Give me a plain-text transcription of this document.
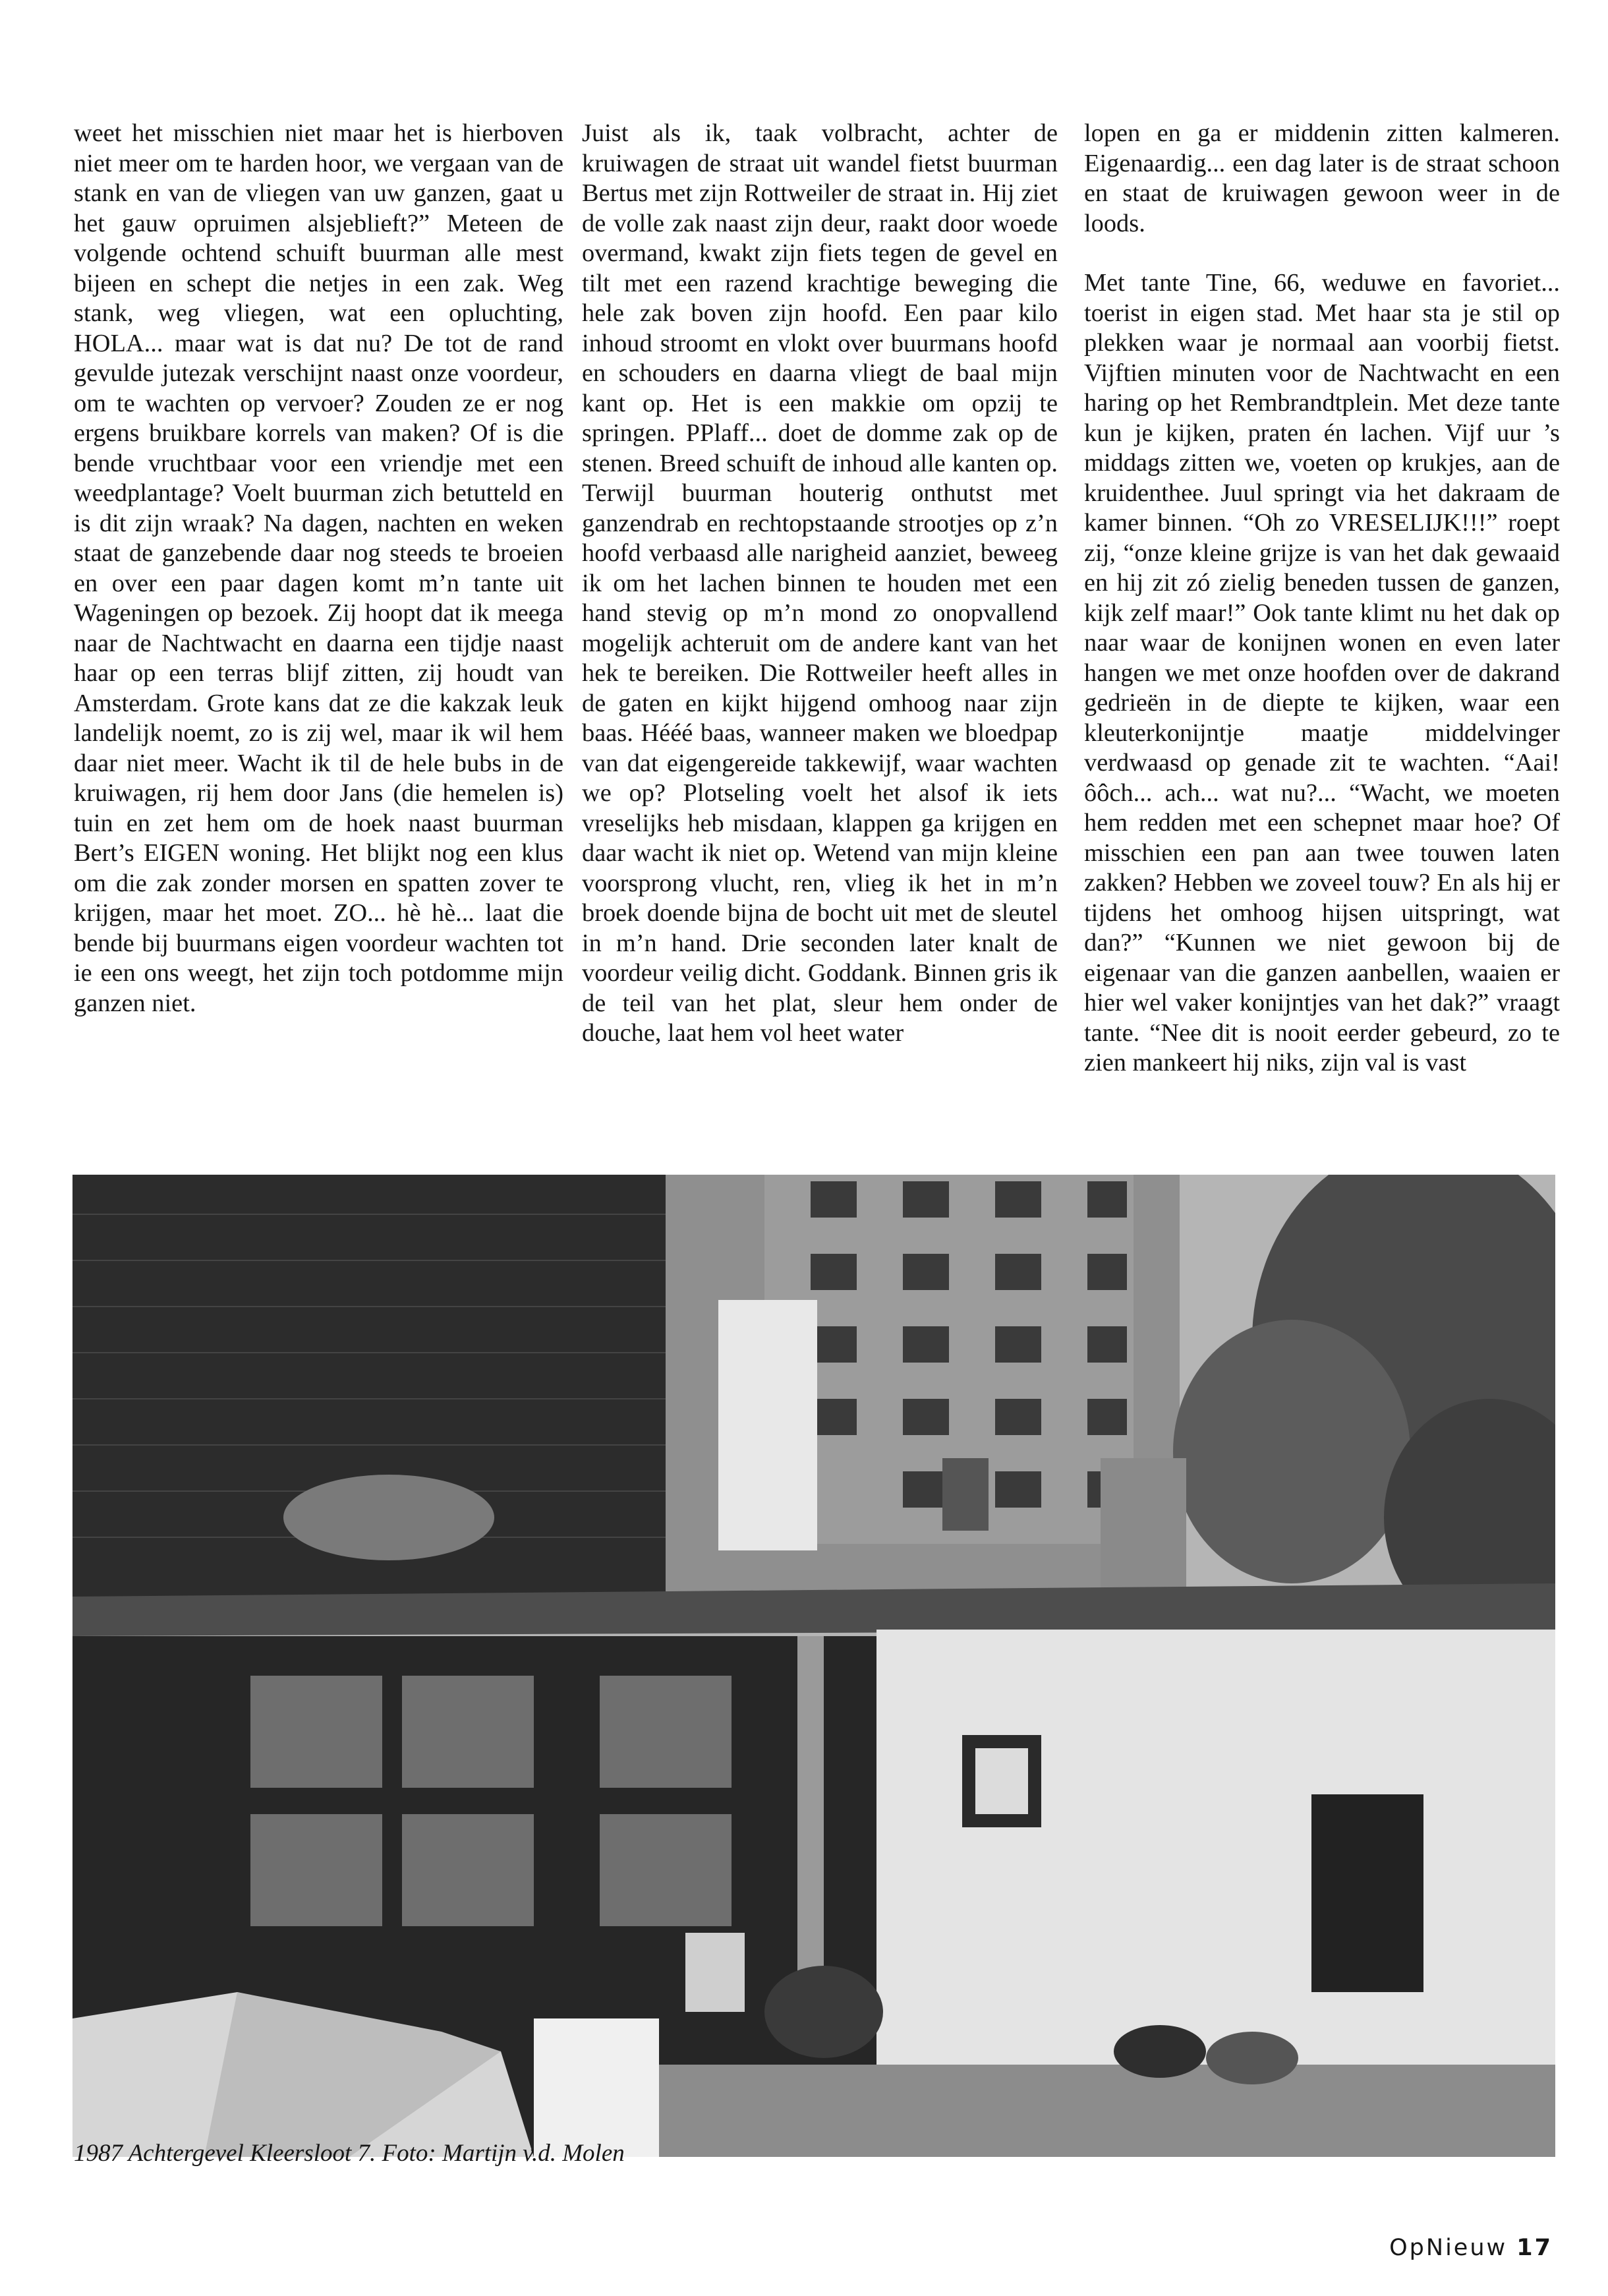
weet het misschien niet maar het is hierboven niet meer om te harden hoor, we vergaan van de stank en van de vliegen van uw ganzen, gaat u het gauw opruimen alsjeblieft?” Meteen de volgende ochtend schuift buurman alle mest bijeen en schept die netjes in een zak. Weg stank, weg vliegen, wat een opluchting, HOLA... maar wat is dat nu? De tot de rand gevulde jutezak verschijnt naast onze voordeur, om te wachten op vervoer? Zouden ze er nog ergens bruikbare korrels van maken? Of is die bende vruchtbaar voor een vriendje met een weedplantage? Voelt buurman zich betutteld en is dit zijn wraak? Na dagen, nachten en weken staat de ganzebende daar nog steeds te broeien en over een paar dagen komt m’n tante uit Wageningen op bezoek. Zij hoopt dat ik meega naar de Nachtwacht en daarna een tijdje naast haar op een terras blijf zitten, zij houdt van Amsterdam. Grote kans dat ze die kakzak leuk landelijk noemt, zo is zij wel, maar ik wil hem daar niet meer. Wacht ik til de hele bubs in de kruiwagen, rij hem door Jans (die hemelen is) tuin en zet hem om de hoek naast buurman Bert’s EIGEN woning. Het blijkt nog een klus om die zak zonder morsen en spatten zover te krijgen, maar het moet. ZO... hè hè... laat die bende bij buurmans eigen voordeur wachten tot ie een ons weegt, het zijn toch potdomme mijn ganzen niet.

Juist als ik, taak volbracht, achter de kruiwagen de straat uit wandel fietst buurman Bertus met zijn Rottweiler de straat in. Hij ziet de volle zak naast zijn deur, raakt door woede overmand, kwakt zijn fiets tegen de gevel en tilt met een razend krachtige beweging die hele zak boven zijn hoofd. Een paar kilo inhoud stroomt en vlokt over buurmans hoofd en schouders en daarna vliegt de baal mijn kant op. Het is een makkie om opzij te springen. PPlaff... doet de domme zak op de stenen. Breed schuift de inhoud alle kanten op. Terwijl buurman houterig onthutst met ganzendrab en rechtopstaande strootjes op z’n hoofd verbaasd alle narigheid aanziet, beweeg ik om het lachen binnen te houden met een hand stevig op m’n mond zo onopvallend mogelijk achteruit om de andere kant van het hek te bereiken. Die Rottweiler heeft alles in de gaten en kijkt hijgend omhoog naar zijn baas. Hééé baas, wanneer maken we bloedpap van dat eigengereide takkewijf, waar wachten we op? Plotseling voelt het alsof ik iets vreselijks heb misdaan, klappen ga krijgen en daar wacht ik niet op. Wetend van mijn kleine voorsprong vlucht, ren, vlieg ik het in m’n broek doende bijna de bocht uit met de sleutel in m’n hand. Drie seconden later knalt de voordeur veilig dicht. Goddank. Binnen gris ik de teil van het plat, sleur hem onder de douche, laat hem vol heet water

lopen en ga er middenin zitten kalmeren. Eigenaardig... een dag later is de straat schoon en staat de kruiwagen gewoon weer in de loods.

Met tante Tine, 66, weduwe en favoriet... toerist in eigen stad. Met haar sta je stil op plekken waar je normaal aan voorbij fietst. Vijftien minuten voor de Nachtwacht en een haring op het Rembrandtplein. Met deze tante kun je kijken, praten én lachen. Vijf uur ’s middags zitten we, voeten op krukjes, aan de kruidenthee. Juul springt via het dakraam de kamer binnen. “Oh zo VRESELIJK!!!” roept zij, “onze kleine grijze is van het dak gewaaid en hij zit zó zielig beneden tussen de ganzen, kijk zelf maar!” Ook tante klimt nu het dak op naar waar de konijnen wonen en even later hangen we met onze hoofden over de dakrand gedrieën in de diepte te kijken, waar een kleuterkonijntje maatje middelvinger verdwaasd op genade zit te wachten. “Aai! ôôch... ach... wat nu?... “Wacht, we moeten hem redden met een schepnet maar hoe? Of misschien een pan aan twee touwen laten zakken? Hebben we zoveel touw? En als hij er tijdens het omhoog hijsen uitspringt, wat dan?” “Kunnen we niet gewoon bij de eigenaar van die ganzen aanbellen, waaien er hier wel vaker konijntjes van het dak?” vraagt tante. “Nee dit is nooit eerder gebeurd, zo te zien mankeert hij niks, zijn val is vast

1987 Achtergevel Kleersloot 7. Foto: Martijn v.d. Molen
OpNieuw 17
